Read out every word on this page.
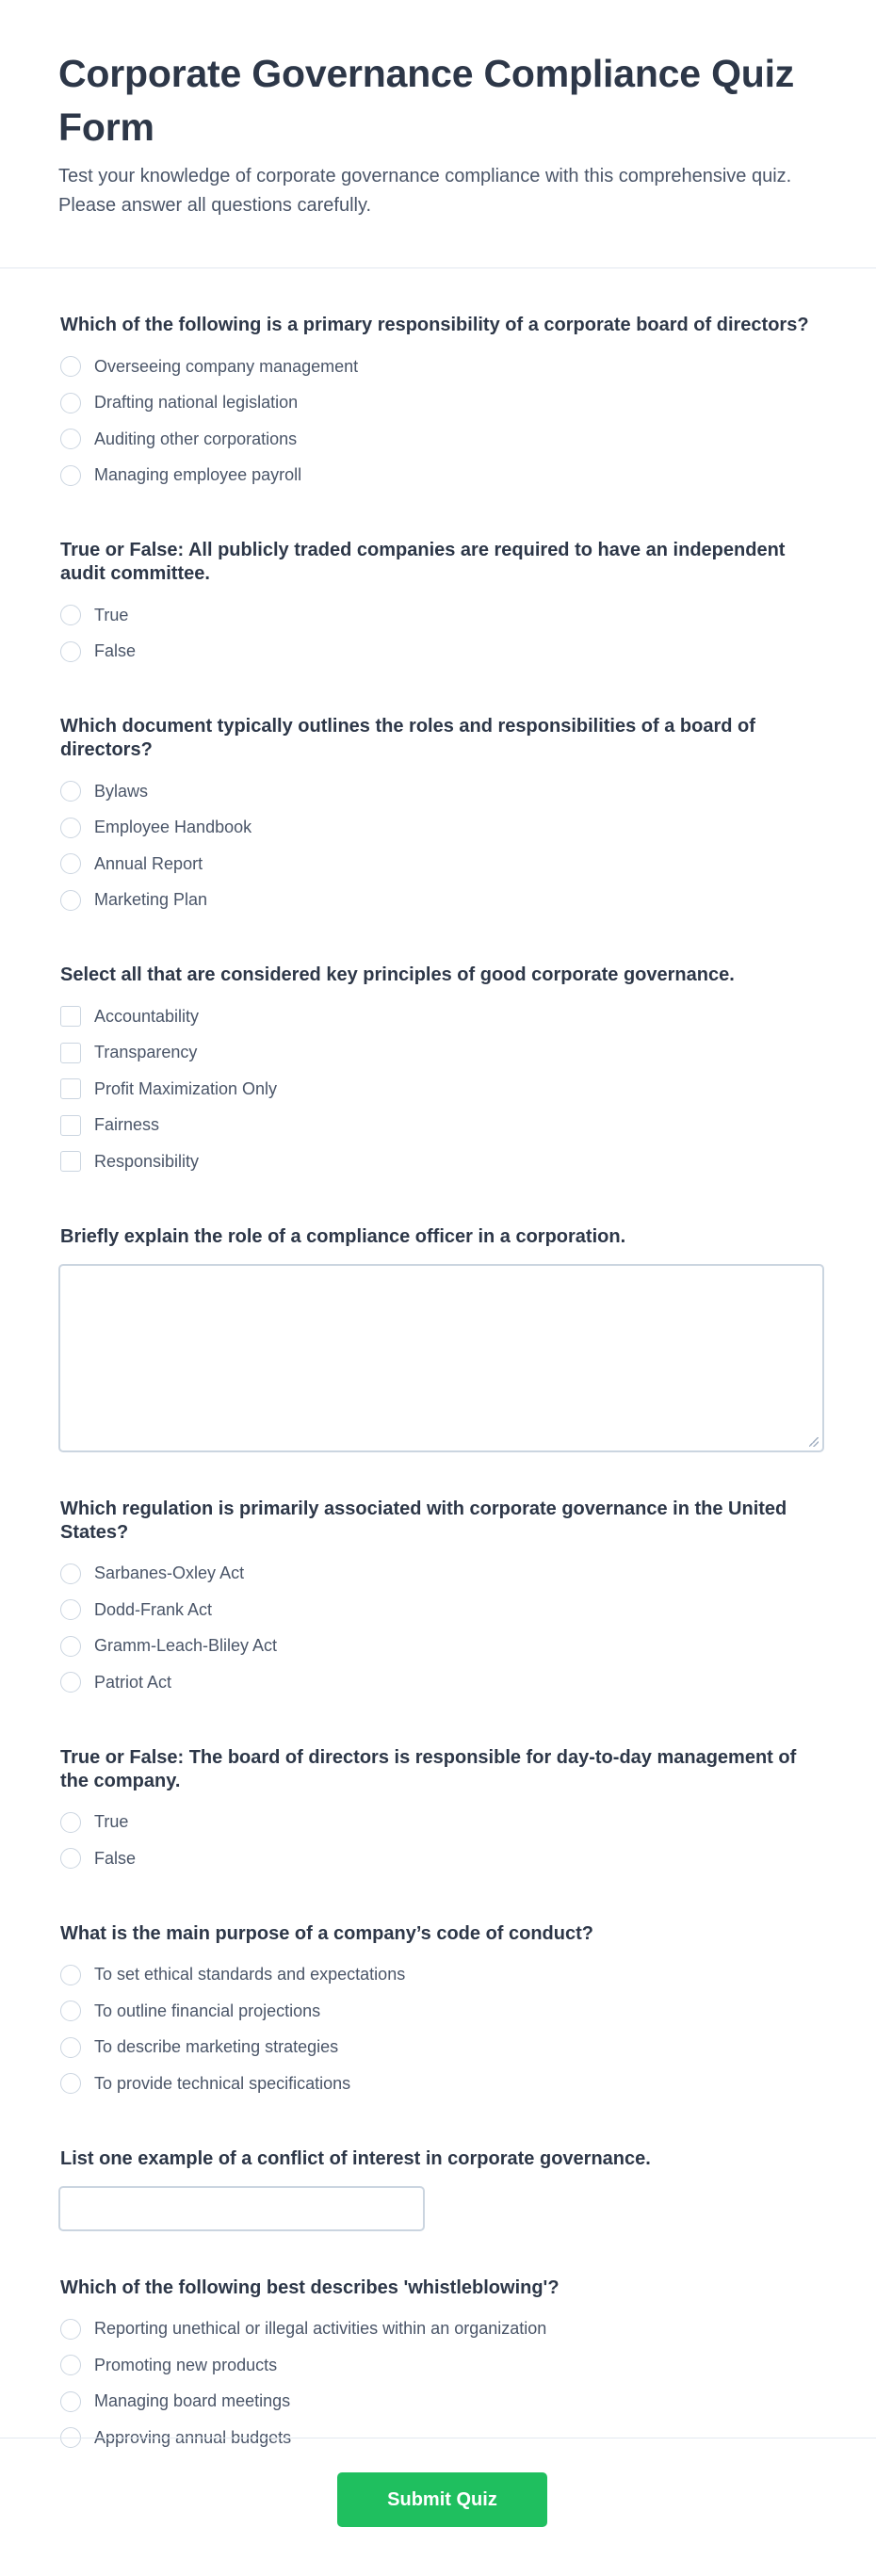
Corporate Governance Compliance Quiz Form

Test your knowledge of corporate governance compliance with this comprehensive quiz. Please answer all questions carefully.

Which of the following is a primary responsibility of a corporate board of directors?
Overseeing company management
Drafting national legislation
Auditing other corporations
Managing employee payroll
True or False: All publicly traded companies are required to have an independent audit committee.
True
False
Which document typically outlines the roles and responsibilities of a board of directors?
Bylaws
Employee Handbook
Annual Report
Marketing Plan
Select all that are considered key principles of good corporate governance.
Accountability
Transparency
Profit Maximization Only
Fairness
Responsibility
Briefly explain the role of a compliance officer in a corporation.
Which regulation is primarily associated with corporate governance in the United States?
Sarbanes-Oxley Act
Dodd-Frank Act
Gramm-Leach-Bliley Act
Patriot Act
True or False: The board of directors is responsible for day-to-day management of the company.
True
False
What is the main purpose of a company’s code of conduct?
To set ethical standards and expectations
To outline financial projections
To describe marketing strategies
To provide technical specifications
List one example of a conflict of interest in corporate governance.
Which of the following best describes 'whistleblowing'?
Reporting unethical or illegal activities within an organization
Promoting new products
Managing board meetings
Approving annual budgets
Submit Quiz
